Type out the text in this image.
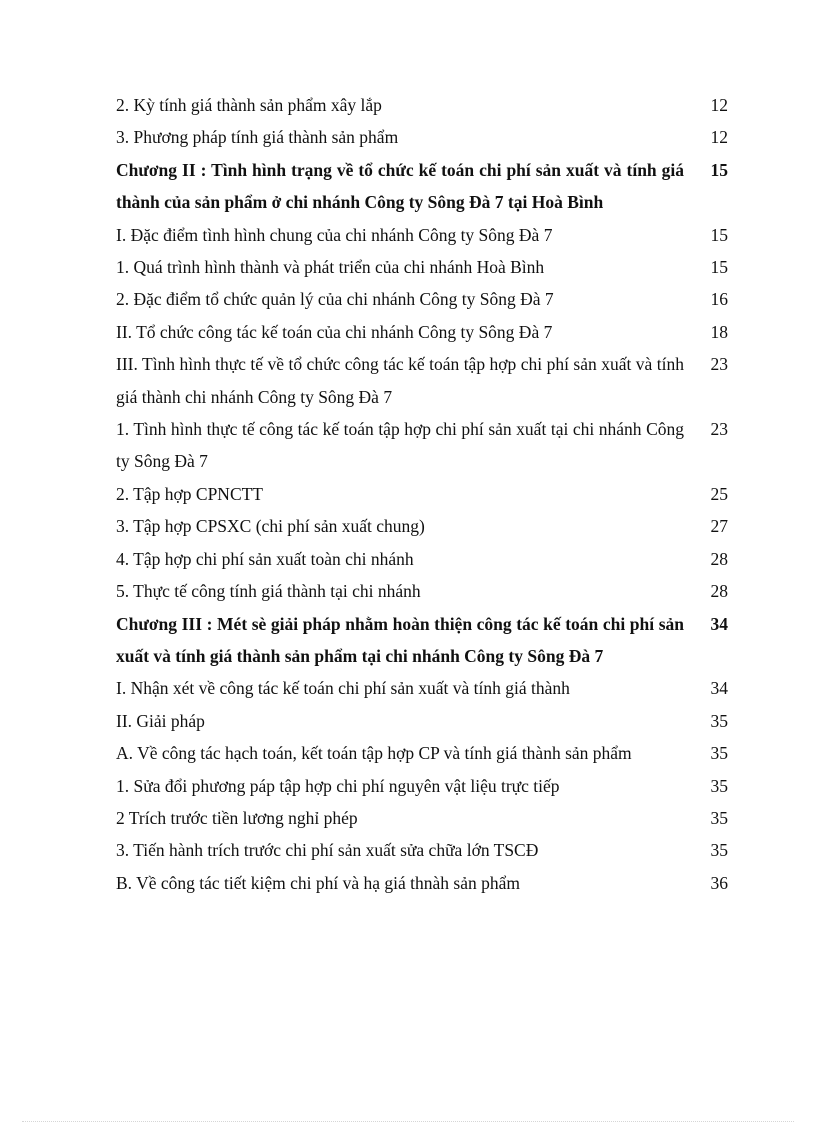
2. Kỳ tính giá thành sản phẩm xây lắp	12
3. Phương pháp tính giá thành sản phẩm	12
Chương II : Tình hình trạng về tổ chức kế toán chi phí sản xuất và tính giá thành của sản phẩm ở chi nhánh Công ty Sông Đà 7 tại Hoà Bình
15
I. Đặc điểm tình hình chung của chi nhánh Công ty Sông Đà 7	15
1. Quá trình hình thành và phát triển của chi nhánh Hoà Bình	15
2. Đặc điểm tổ chức quản lý của chi nhánh Công ty Sông Đà 7	16
II. Tổ chức công tác kế toán của chi nhánh Công ty Sông Đà 7	18
III. Tình hình thực tế về tổ chức công tác kế toán tập hợp chi phí sản xuất và tính giá thành chi nhánh Công ty Sông Đà 7
23
1. Tình hình thực tế công tác kế toán tập hợp chi phí sản xuất tại chi nhánh Công ty Sông Đà 7
23
2. Tập hợp CPNCTT	25
3. Tập hợp CPSXC (chi phí sản xuất chung)	27
4. Tập hợp chi phí sản xuất toàn chi nhánh	28
5. Thực tế công tính giá thành tại chi nhánh	28
Chương III : Mét sè giải pháp nhằm hoàn thiện công tác kế toán chi phí sản xuất và tính giá thành sản phẩm tại chi nhánh Công ty Sông Đà 7
34
I. Nhận xét về công tác kế toán chi phí sản xuất và tính giá thành	34
II. Giải pháp	35
A. Về công tác hạch toán, kết toán tập hợp CP và tính giá thành sản phẩm	35
1. Sửa đổi phương páp tập hợp chi phí nguyên vật liệu trực tiếp	35
2 Trích trước tiền lương nghỉ phép	35
3. Tiến hành trích trước chi phí sản xuất sửa chữa lớn TSCĐ	35
B. Về công tác tiết kiệm chi phí và hạ giá thnàh sản phẩm	36
